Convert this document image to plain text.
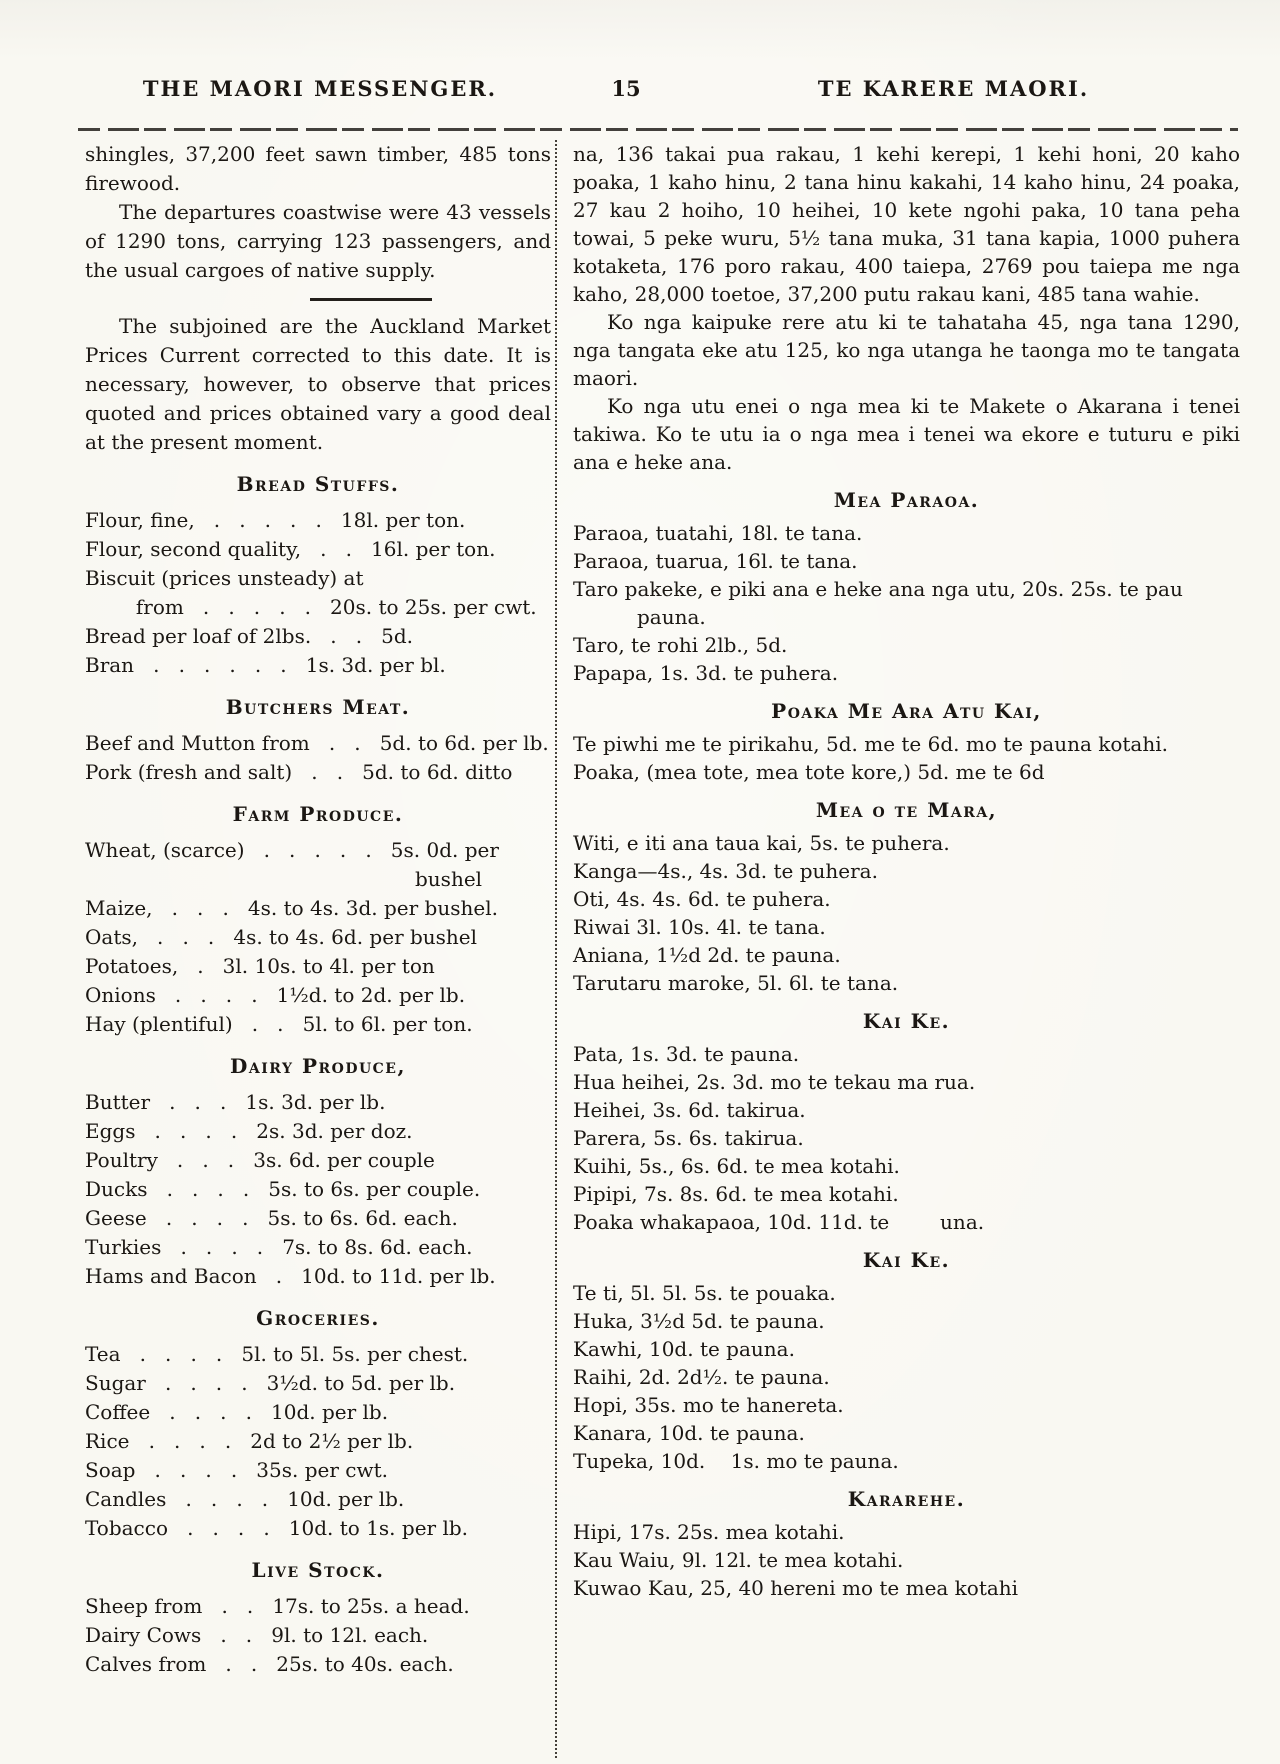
THE MAORI MESSENGER.	15	TE KARERE MAORI.

shingles, 37,200 feet sawn timber, 485 tons firewood.

The departures coastwise were 43 vessels of 1290 tons, carrying 123 passengers, and the usual cargoes of native supply.

The subjoined are the Auckland Market Prices Current corrected to this date. It is necessary, however, to observe that prices quoted and prices obtained vary a good deal at the present moment.

Bread Stuffs.

Flour, fine,   .   .   .   .   .   18l. per ton.

Flour, second quality,   .   .   16l. per ton.

Biscuit (prices unsteady) at

from   .   .   .   .   .   20s. to 25s. per cwt.

Bread per loaf of 2lbs.   .   .   5d.

Bran   .   .   .   .   .   .   1s. 3d. per bl.

Butchers Meat.

Beef and Mutton from   .   .   5d. to 6d. per lb.

Pork (fresh and salt)   .   .   5d. to 6d. ditto

Farm Produce.

Wheat, (scarce)   .   .   .   .   .   5s. 0d. per bushel

Maize,   .   .   .   4s. to 4s. 3d. per bushel.

Oats,   .   .   .   4s. to 4s. 6d. per bushel

Potatoes,   .   3l. 10s. to 4l. per ton

Onions   .   .   .   .   1½d. to 2d. per lb.

Hay (plentiful)   .   .   5l. to 6l. per ton.

Dairy Produce,

Butter   .   .   .   1s. 3d. per lb.

Eggs   .   .   .   .   2s. 3d. per doz.

Poultry   .   .   .   3s. 6d. per couple

Ducks   .   .   .   .   5s. to 6s. per couple.

Geese   .   .   .   .   5s. to 6s. 6d. each.

Turkies   .   .   .   .   7s. to 8s. 6d. each.

Hams and Bacon   .   10d. to 11d. per lb.

Groceries.

Tea   .   .   .   .   5l. to 5l. 5s. per chest.

Sugar   .   .   .   .   3½d. to 5d. per lb.

Coffee   .   .   .   .   10d. per lb.

Rice   .   .   .   .   2d to 2½ per lb.

Soap   .   .   .   .   35s. per cwt.

Candles   .   .   .   .   10d. per lb.

Tobacco   .   .   .   .   10d. to 1s. per lb.

Live Stock.

Sheep from   .   .   17s. to 25s. a head.

Dairy Cows   .   .   9l. to 12l. each.

Calves from   .   .   25s. to 40s. each.

na, 136 takai pua rakau, 1 kehi kerepi, 1 kehi honi, 20 kaho poaka, 1 kaho hinu, 2 tana hinu kakahi, 14 kaho hinu, 24 poaka, 27 kau 2 hoiho, 10 heihei, 10 kete ngohi paka, 10 tana peha towai, 5 peke wuru, 5½ tana muka, 31 tana kapia, 1000 puhera kotaketa, 176 poro rakau, 400 taiepa, 2769 pou taiepa me nga kaho, 28,000 toetoe, 37,200 putu rakau kani, 485 tana wahie.

Ko nga kaipuke rere atu ki te tahataha 45, nga tana 1290, nga tangata eke atu 125, ko nga utanga he taonga mo te tangata maori.

Ko nga utu enei o nga mea ki te Makete o Akarana i tenei takiwa. Ko te utu ia o nga mea i tenei wa ekore e tuturu e piki ana e heke ana.

Mea Paraoa.

Paraoa, tuatahi, 18l. te tana.

Paraoa, tuarua, 16l. te tana.

Taro pakeke, e piki ana e heke ana nga utu, 20s. 25s. te pau pauna.

Taro, te rohi 2lb., 5d.

Papapa, 1s. 3d. te puhera.

Poaka Me Ara Atu Kai,

Te piwhi me te pirikahu, 5d. me te 6d. mo te pauna kotahi.

Poaka, (mea tote, mea tote kore,) 5d. me te 6d

Mea o te Mara,

Witi, e iti ana taua kai, 5s. te puhera.

Kanga—4s., 4s. 3d. te puhera.

Oti, 4s. 4s. 6d. te puhera.

Riwai 3l. 10s. 4l. te tana.

Aniana, 1½d 2d. te pauna.

Tarutaru maroke, 5l. 6l. te tana.

Kai Ke.

Pata, 1s. 3d. te pauna.

Hua heihei, 2s. 3d. mo te tekau ma rua.

Heihei, 3s. 6d. takirua.

Parera, 5s. 6s. takirua.

Kuihi, 5s., 6s. 6d. te mea kotahi.

Pipipi, 7s. 8s. 6d. te mea kotahi.

Poaka whakapaoa, 10d. 11d. te        una.

Kai Ke.

Te ti, 5l. 5l. 5s. te pouaka.

Huka, 3½d 5d. te pauna.

Kawhi, 10d. te pauna.

Raihi, 2d. 2d½. te pauna.

Hopi, 35s. mo te hanereta.

Kanara, 10d. te pauna.

Tupeka, 10d.    1s. mo te pauna.

Kararehe.

Hipi, 17s. 25s. mea kotahi.

Kau Waiu, 9l. 12l. te mea kotahi.

Kuwao Kau, 25, 40 hereni mo te mea kotahi
